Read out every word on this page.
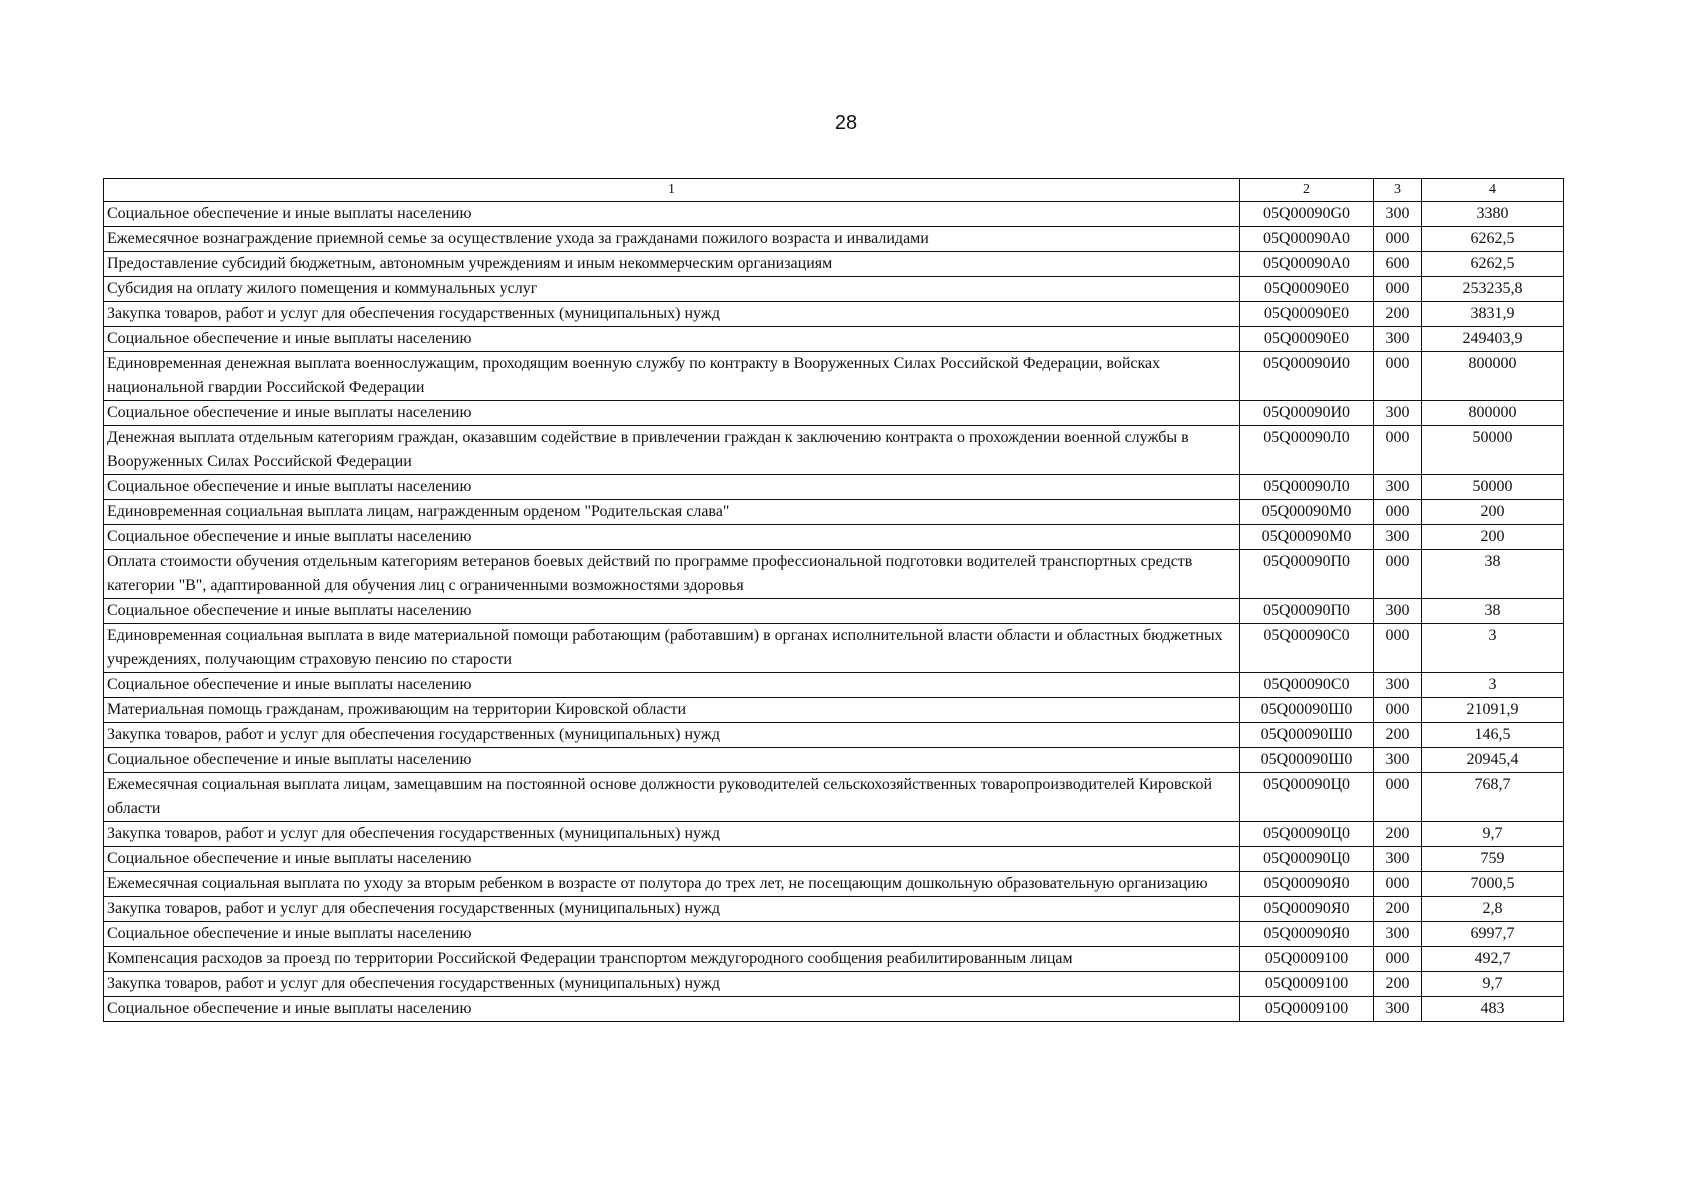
28
1	2	3	4
Социальное обеспечение и иные выплаты населению	05Q00090G0	300	3380
Ежемесячное вознаграждение приемной семье за осуществление ухода за гражданами пожилого возраста и инвалидами	05Q00090A0	000	6262,5
Предоставление субсидий бюджетным, автономным учреждениям и иным некоммерческим организациям	05Q00090A0	600	6262,5
Субсидия на оплату жилого помещения и коммунальных услуг	05Q00090E0	000	253235,8
Закупка товаров, работ и услуг для обеспечения государственных (муниципальных) нужд	05Q00090E0	200	3831,9
Социальное обеспечение и иные выплаты населению	05Q00090E0	300	249403,9
Единовременная денежная выплата военнослужащим, проходящим военную службу по контракту в Вооруженных Силах Российской Федерации, войсках национальной гвардии Российской Федерации	05Q00090И0	000	800000
Социальное обеспечение и иные выплаты населению	05Q00090И0	300	800000
Денежная выплата отдельным категориям граждан, оказавшим содействие в привлечении граждан к заключению контракта о прохождении военной службы в Вооруженных Силах Российской Федерации	05Q00090Л0	000	50000
Социальное обеспечение и иные выплаты населению	05Q00090Л0	300	50000
Единовременная социальная выплата лицам, награжденным орденом "Родительская слава"	05Q00090M0	000	200
Социальное обеспечение и иные выплаты населению	05Q00090M0	300	200
Оплата стоимости обучения отдельным категориям ветеранов боевых действий по программе профессиональной подготовки водителей транспортных средств категории "В", адаптированной для обучения лиц с ограниченными возможностями здоровья	05Q00090П0	000	38
Социальное обеспечение и иные выплаты населению	05Q00090П0	300	38
Единовременная социальная выплата в виде материальной помощи работающим (работавшим) в органах исполнительной власти области и областных бюджетных учреждениях, получающим страховую пенсию по старости	05Q00090C0	000	3
Социальное обеспечение и иные выплаты населению	05Q00090C0	300	3
Материальная помощь гражданам, проживающим на территории Кировской области	05Q00090Ш0	000	21091,9
Закупка товаров, работ и услуг для обеспечения государственных (муниципальных) нужд	05Q00090Ш0	200	146,5
Социальное обеспечение и иные выплаты населению	05Q00090Ш0	300	20945,4
Ежемесячная социальная выплата лицам, замещавшим на постоянной основе должности руководителей сельскохозяйственных товаропроизводителей Кировской области	05Q00090Ц0	000	768,7
Закупка товаров, работ и услуг для обеспечения государственных (муниципальных) нужд	05Q00090Ц0	200	9,7
Социальное обеспечение и иные выплаты населению	05Q00090Ц0	300	759
Ежемесячная социальная выплата по уходу за вторым ребенком в возрасте от полутора до трех лет, не посещающим дошкольную образовательную организацию	05Q00090Я0	000	7000,5
Закупка товаров, работ и услуг для обеспечения государственных (муниципальных) нужд	05Q00090Я0	200	2,8
Социальное обеспечение и иные выплаты населению	05Q00090Я0	300	6997,7
Компенсация расходов за проезд по территории Российской Федерации транспортом междугородного сообщения реабилитированным лицам	05Q0009100	000	492,7
Закупка товаров, работ и услуг для обеспечения государственных (муниципальных) нужд	05Q0009100	200	9,7
Социальное обеспечение и иные выплаты населению	05Q0009100	300	483
